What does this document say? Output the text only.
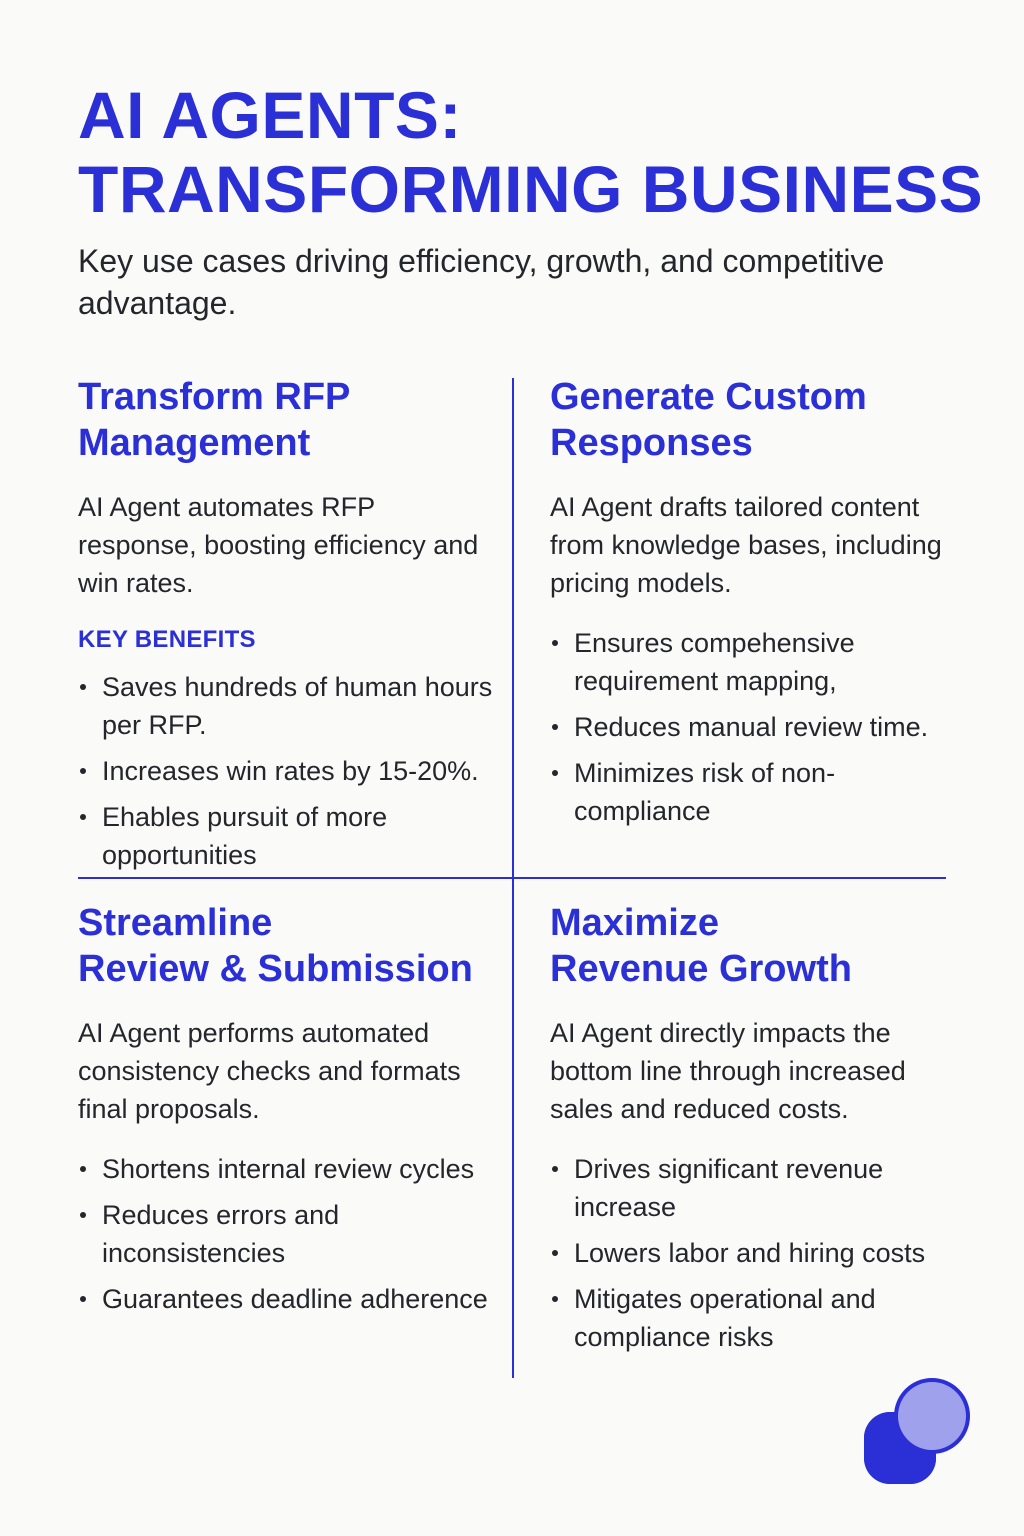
AI AGENTS:
TRANSFORMING BUSINESS

Key use cases driving efficiency, growth, and competitive advantage.

Transform RFP
Management

AI Agent automates RFP response, boosting efficiency and win rates.

KEY BENEFITS
Saves hundreds of human hours per RFP.
Increases win rates by 15-20%.
Ehables pursuit of more opportunities
Generate Custom
Responses

AI Agent drafts tailored content from knowledge bases, including pricing models.

Ensures compehensive requirement mapping,
Reduces manual review time.
Minimizes risk of non-compliance
Streamline
Review & Submission

AI Agent performs automated consistency checks and formats final proposals.

Shortens internal review cycles
Reduces errors and inconsistencies
Guarantees deadline adherence
Maximize
Revenue Growth

AI Agent directly impacts the bottom line through increased sales and reduced costs.

Drives significant revenue increase
Lowers labor and hiring costs
Mitigates operational and compliance risks
